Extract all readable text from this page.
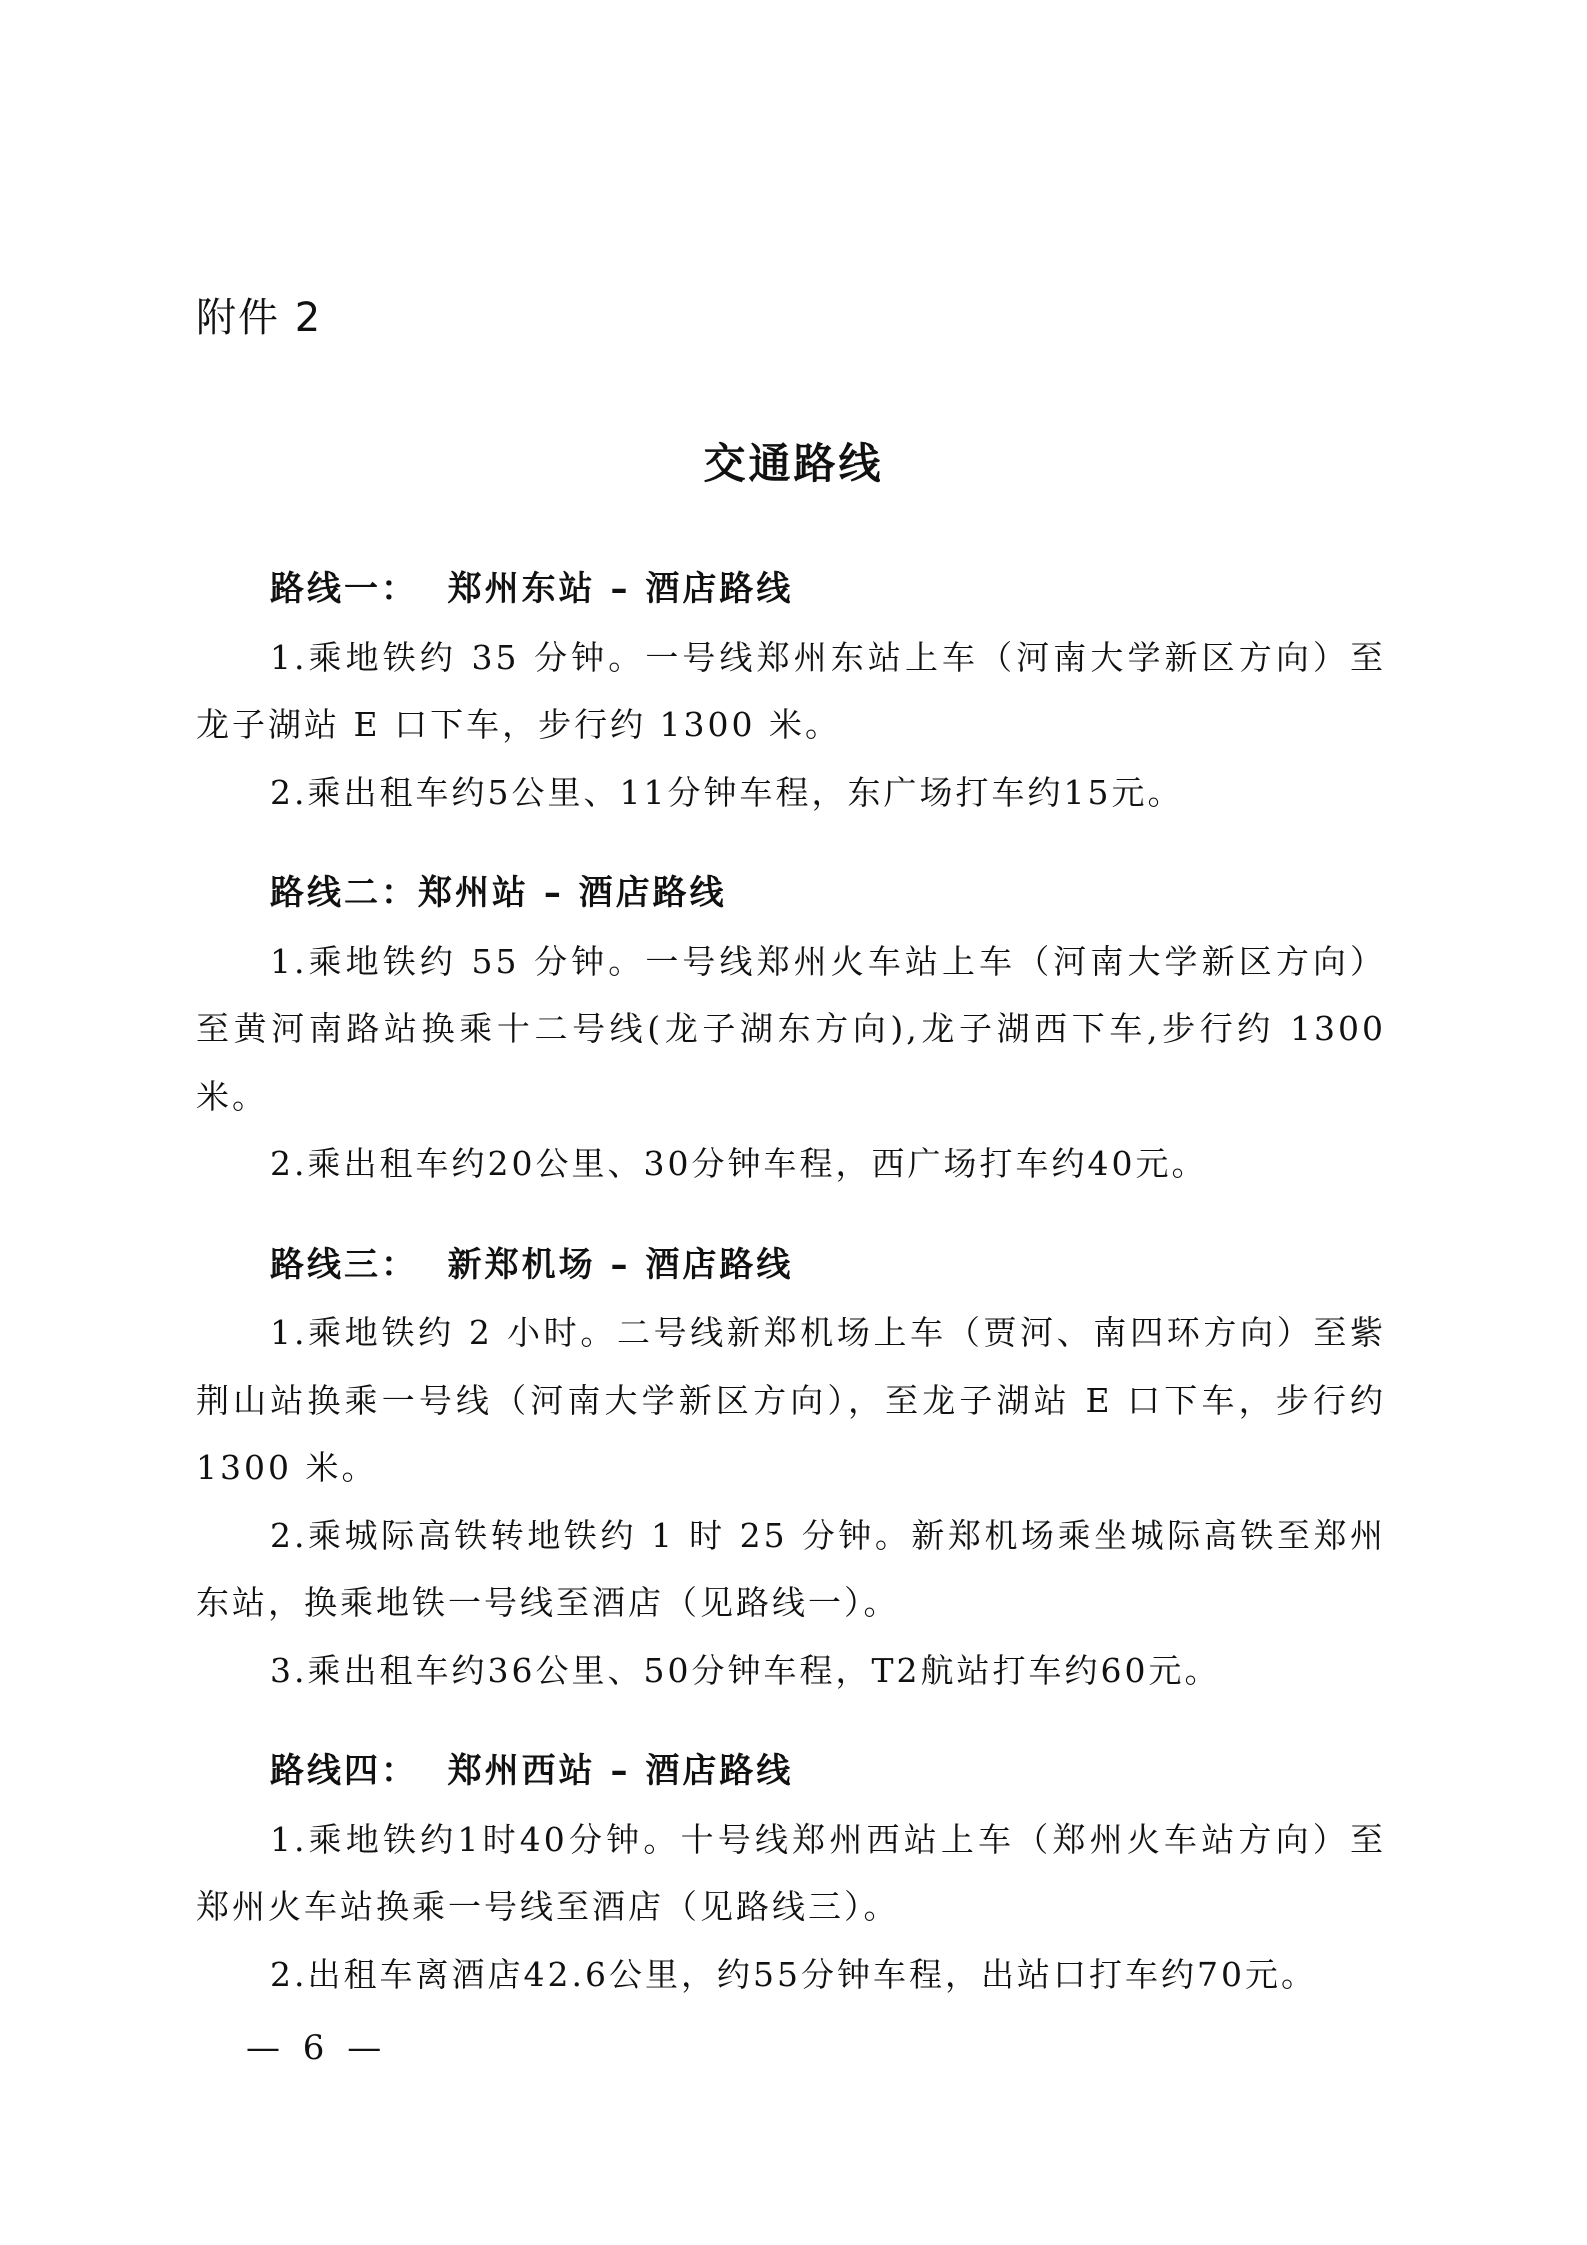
附件 2
交通路线
路线一：  郑州东站 – 酒店路线
1.乘地铁约 35 分钟。一号线郑州东站上车（河南大学新区方向）至龙子湖站 E 口下车，步行约 1300 米。
2.乘出租车约5公里、11分钟车程，东广场打车约15元。
路线二：郑州站 – 酒店路线
1.乘地铁约 55 分钟。一号线郑州火车站上车（河南大学新区方向）至黄河南路站换乘十二号线(龙子湖东方向),龙子湖西下车,步行约 1300 米。
2.乘出租车约20公里、30分钟车程，西广场打车约40元。
路线三：  新郑机场 – 酒店路线
1.乘地铁约 2 小时。二号线新郑机场上车（贾河、南四环方向）至紫荆山站换乘一号线（河南大学新区方向），至龙子湖站 E 口下车，步行约 1300 米。
2.乘城际高铁转地铁约 1 时 25 分钟。新郑机场乘坐城际高铁至郑州东站，换乘地铁一号线至酒店（见路线一）。
3.乘出租车约36公里、50分钟车程，T2航站打车约60元。
路线四：  郑州西站 – 酒店路线
1.乘地铁约1时40分钟。十号线郑州西站上车（郑州火车站方向）至郑州火车站换乘一号线至酒店（见路线三）。
2.出租车离酒店42.6公里，约55分钟车程，出站口打车约70元。
— 6 —
